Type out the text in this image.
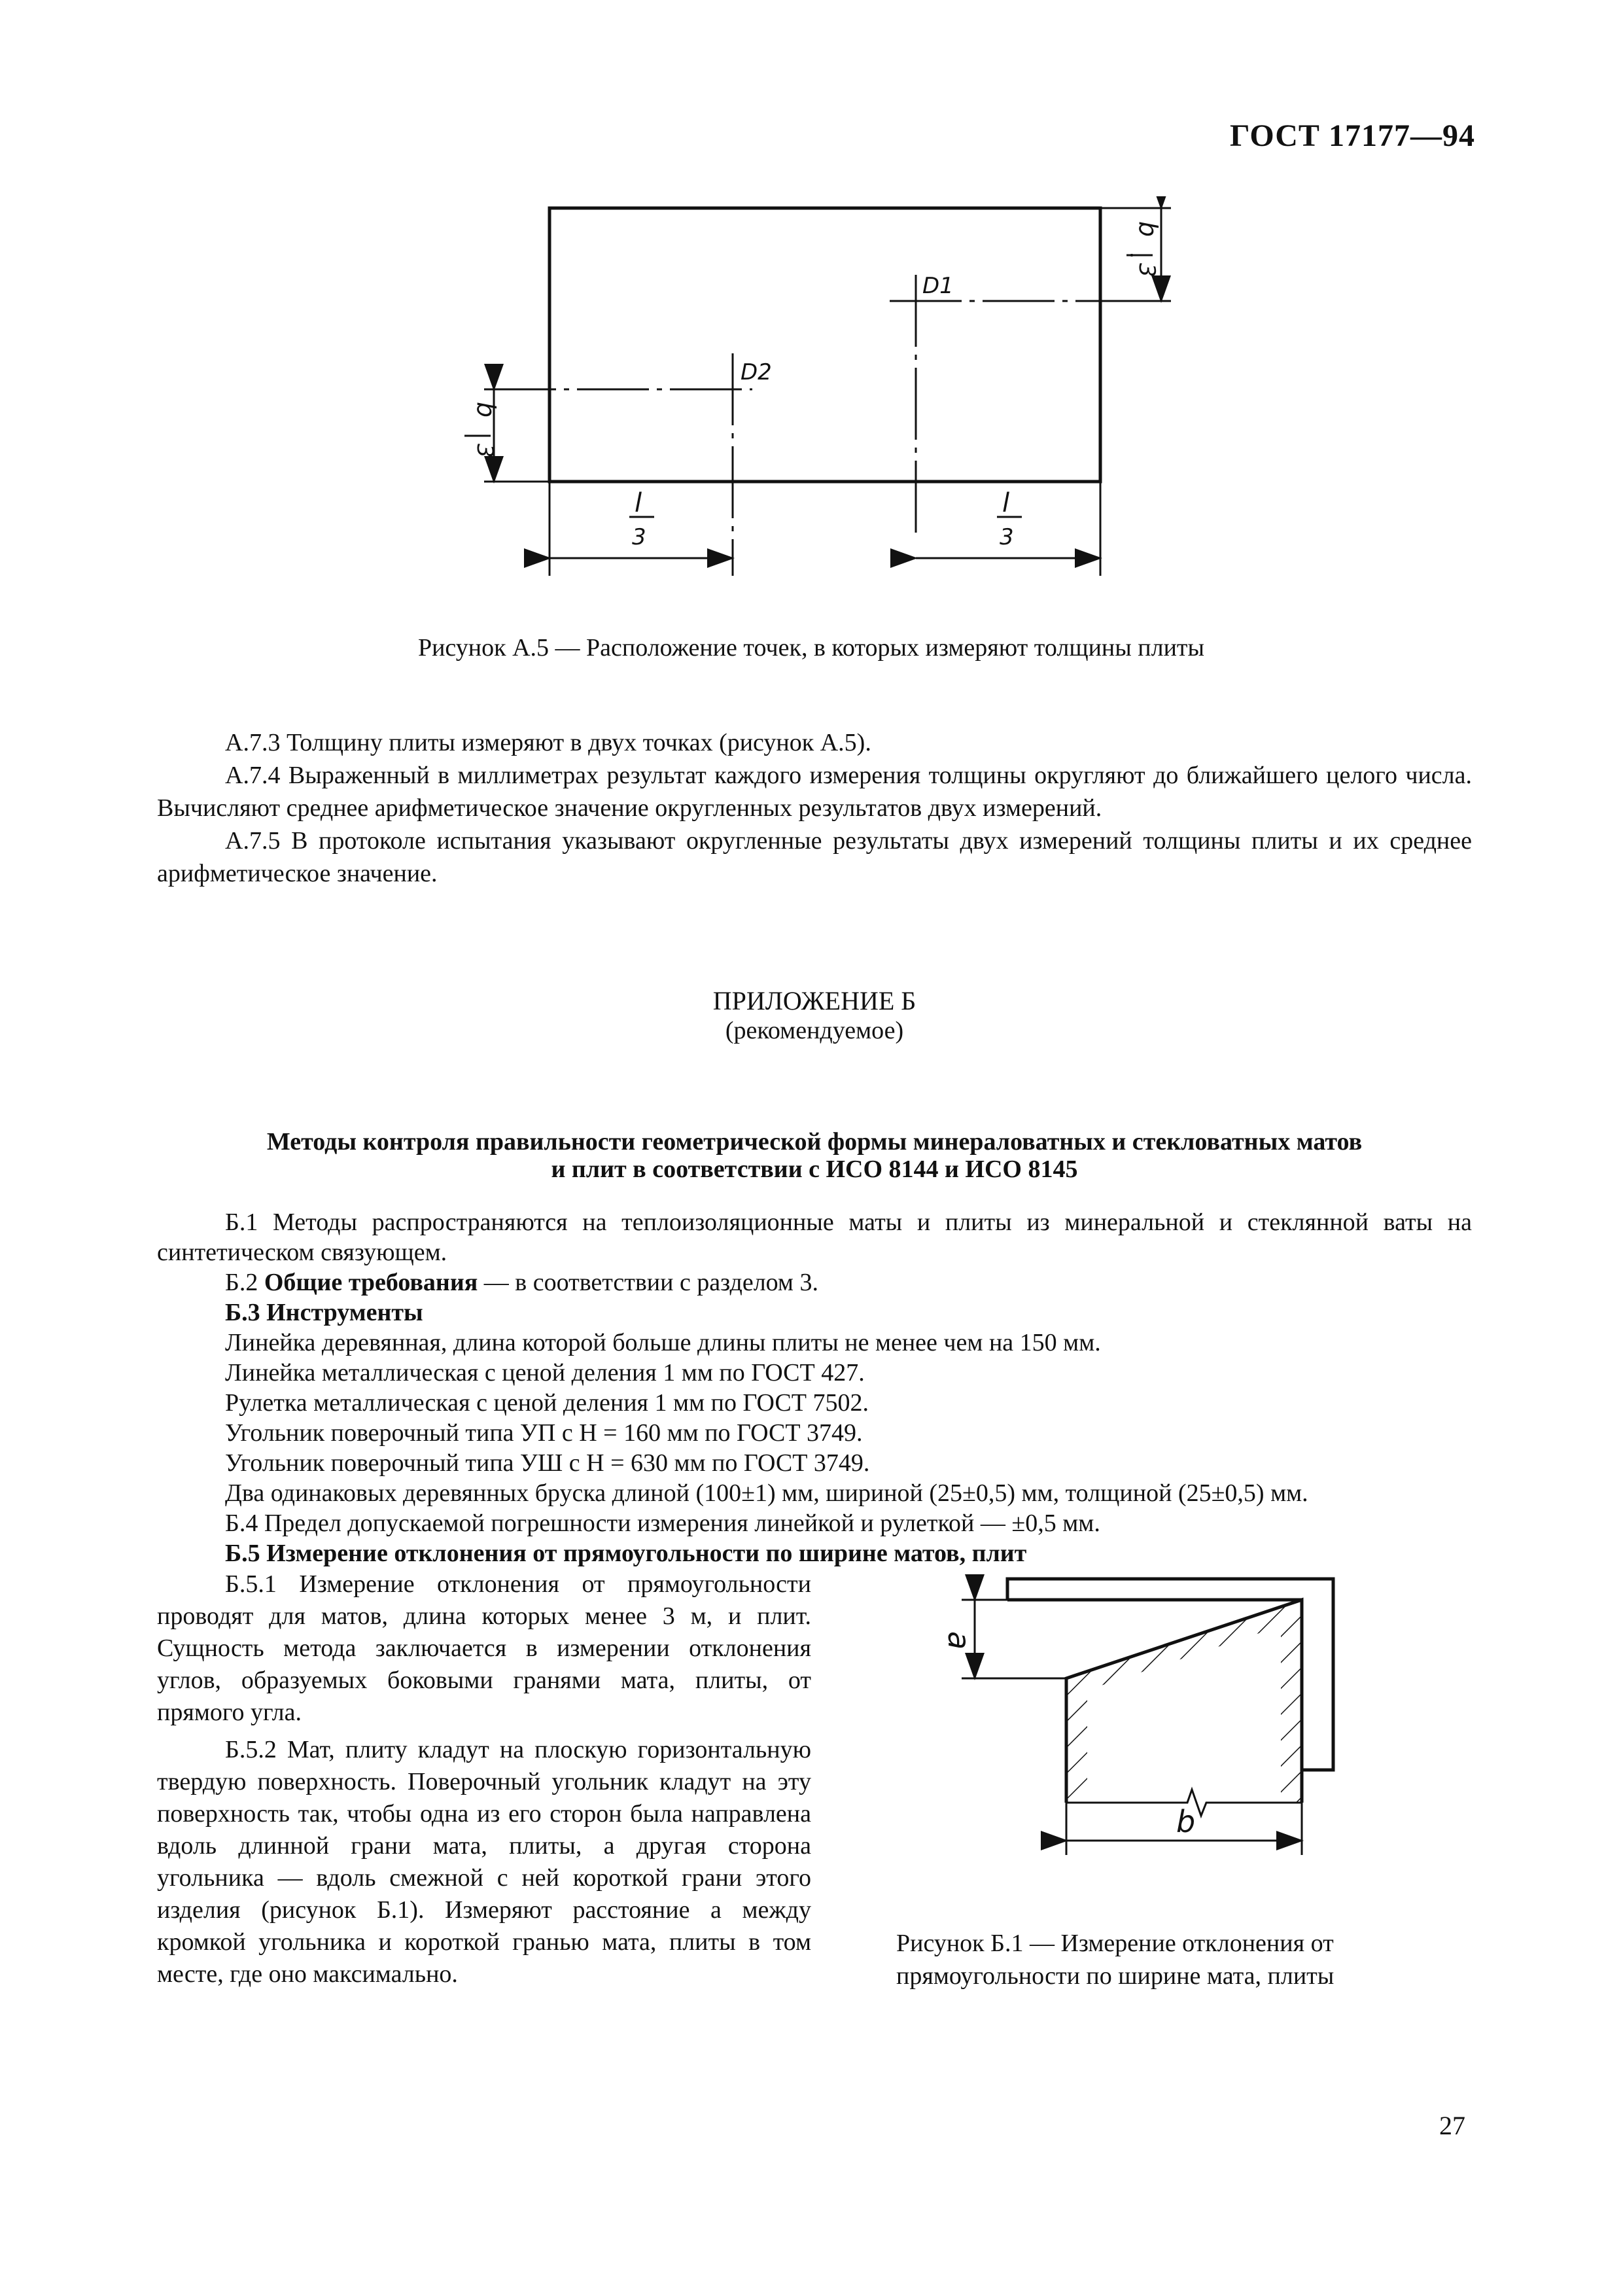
ГОСТ 17177—94
D1
D2
l
3
l
3
b
3
b
3
Рисунок А.5 — Расположение точек, в которых измеряют толщины плиты
А.7.3 Толщину плиты измеряют в двух точках (рисунок А.5).
А.7.4 Выраженный в миллиметрах результат каждого измерения толщины округляют до ближайшего целого числа. Вычисляют среднее арифметическое значение округленных результатов двух измерений.
А.7.5 В протоколе испытания указывают округленные результаты двух измерений толщины плиты и их среднее арифметическое значение.
ПРИЛОЖЕНИЕ Б
(рекомендуемое)
Методы контроля правильности геометрической формы минераловатных и стекловатных матов
и плит в соответствии с ИСО 8144 и ИСО 8145
Б.1 Методы распространяются на теплоизоляционные маты и плиты из минеральной и стеклянной ваты на синтетическом связующем.
Б.2 Общие требования — в соответствии с разделом 3.
Б.3 Инструменты
Линейка деревянная, длина которой больше длины плиты не менее чем на 150 мм.
Линейка металлическая с ценой деления 1 мм по ГОСТ 427.
Рулетка металлическая с ценой деления 1 мм по ГОСТ 7502.
Угольник поверочный типа УП с H = 160 мм по ГОСТ 3749.
Угольник поверочный типа УШ с H = 630 мм по ГОСТ 3749.
Два одинаковых деревянных бруска длиной (100±1) мм, шириной (25±0,5) мм, толщиной (25±0,5) мм.
Б.4 Предел допускаемой погрешности измерения линейкой и рулеткой — ±0,5 мм.
Б.5 Измерение отклонения от прямоугольности по ширине матов, плит
Б.5.1 Измерение отклонения от прямоугольности проводят для матов, длина которых менее 3 м, и плит. Сущность метода заключается в измерении отклонения углов, образуемых боковыми гранями мата, плиты, от прямого угла.
Б.5.2 Мат, плиту кладут на плоскую горизонтальную твердую поверхность. Поверочный угольник кладут на эту поверхность так, чтобы одна из его сторон была направлена вдоль длинной грани мата, плиты, а другая сторона угольника — вдоль смежной с ней короткой грани этого изделия (рисунок Б.1). Измеряют расстояние а между кромкой угольника и короткой гранью мата, плиты в том месте, где оно максимально.
b
a
Рисунок Б.1 — Измерение отклонения от
прямоугольности по ширине мата, плиты
27
